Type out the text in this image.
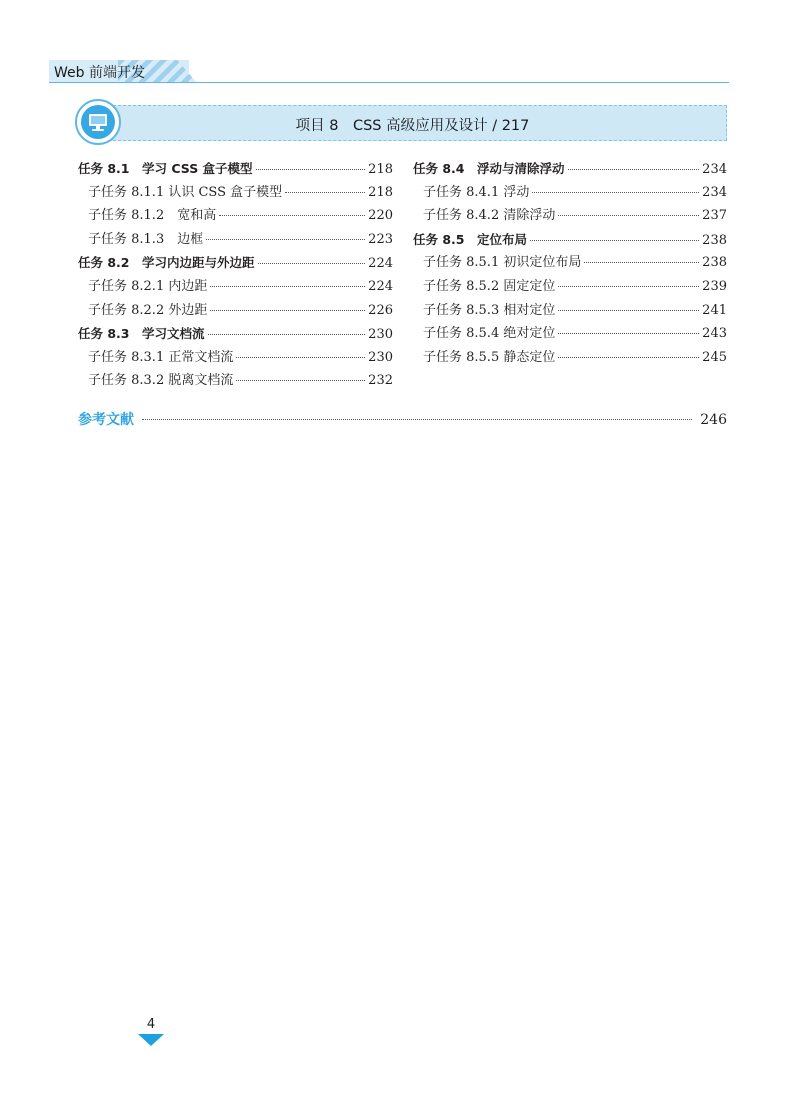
Web 前端开发
项目 8　CSS 高级应用及设计 / 217
任务 8.1　学习 CSS 盒子模型	218
子任务 8.1.1 认识 CSS 盒子模型	218
子任务 8.1.2　宽和高	220
子任务 8.1.3　边框	223
任务 8.2　学习内边距与外边距	224
子任务 8.2.1 内边距	224
子任务 8.2.2 外边距	226
任务 8.3　学习文档流	230
子任务 8.3.1 正常文档流	230
子任务 8.3.2 脱离文档流	232
任务 8.4　浮动与清除浮动	234
子任务 8.4.1 浮动	234
子任务 8.4.2 清除浮动	237
任务 8.5　定位布局	238
子任务 8.5.1 初识定位布局	238
子任务 8.5.2 固定定位	239
子任务 8.5.3 相对定位	241
子任务 8.5.4 绝对定位	243
子任务 8.5.5 静态定位	245
参考文献	246
4
